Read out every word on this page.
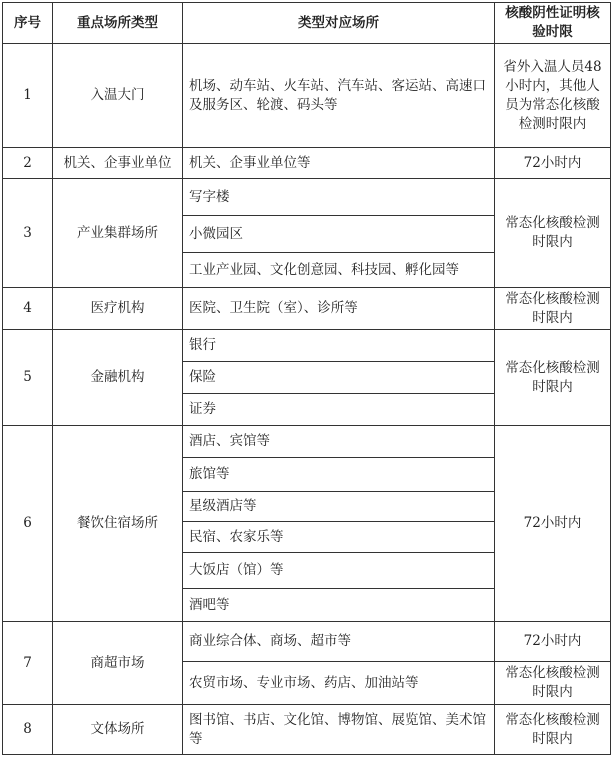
序号	重点场所类型	类型对应场所	核酸阴性证明核验时限
1	入温大门	机场、动车站、火车站、汽车站、客运站、高速口及服务区、轮渡、码头等	省外入温人员48小时内，其他人员为常态化核酸检测时限内
2	机关、企事业单位	机关、企事业单位等	72小时内
3	产业集群场所	写字楼	常态化核酸检测时限内
		小微园区	
		工业产业园、文化创意园、科技园、孵化园等	
4	医疗机构	医院、卫生院（室）、诊所等	常态化核酸检测时限内
5	金融机构	银行	常态化核酸检测时限内
		保险	
		证券	
6	餐饮住宿场所	酒店、宾馆等	72小时内
		旅馆等	
		星级酒店等	
		民宿、农家乐等	
		大饭店（馆）等	
		酒吧等	
7	商超市场	商业综合体、商场、超市等	72小时内
		农贸市场、专业市场、药店、加油站等	常态化核酸检测时限内
8	文体场所	图书馆、书店、文化馆、博物馆、展览馆、美术馆等	常态化核酸检测时限内
